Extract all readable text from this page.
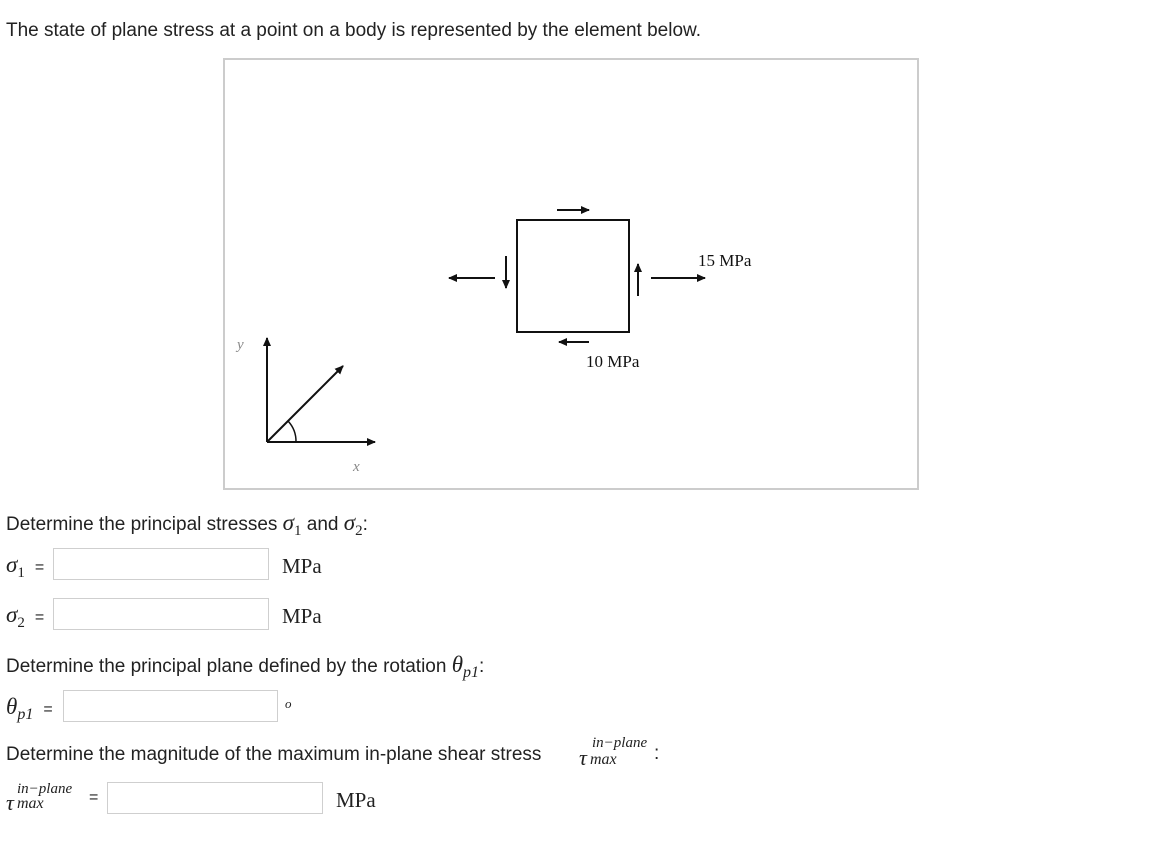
The state of plane stress at a point on a body is represented by the element below.
15 MPa
10 MPa
y
x
Determine the principal stresses $\sigma_1$ and $\sigma_2$:
$\sigma_1$ =	MPa
$\sigma_2$ =	MPa
Determine the principal plane defined by the rotation $\theta_{p1}$:
$\theta_{p1}$ =	o
Determine the magnitude of the maximum in-plane shear stress
in−plane
τ max :
in−plane
τ max	=	MPa
